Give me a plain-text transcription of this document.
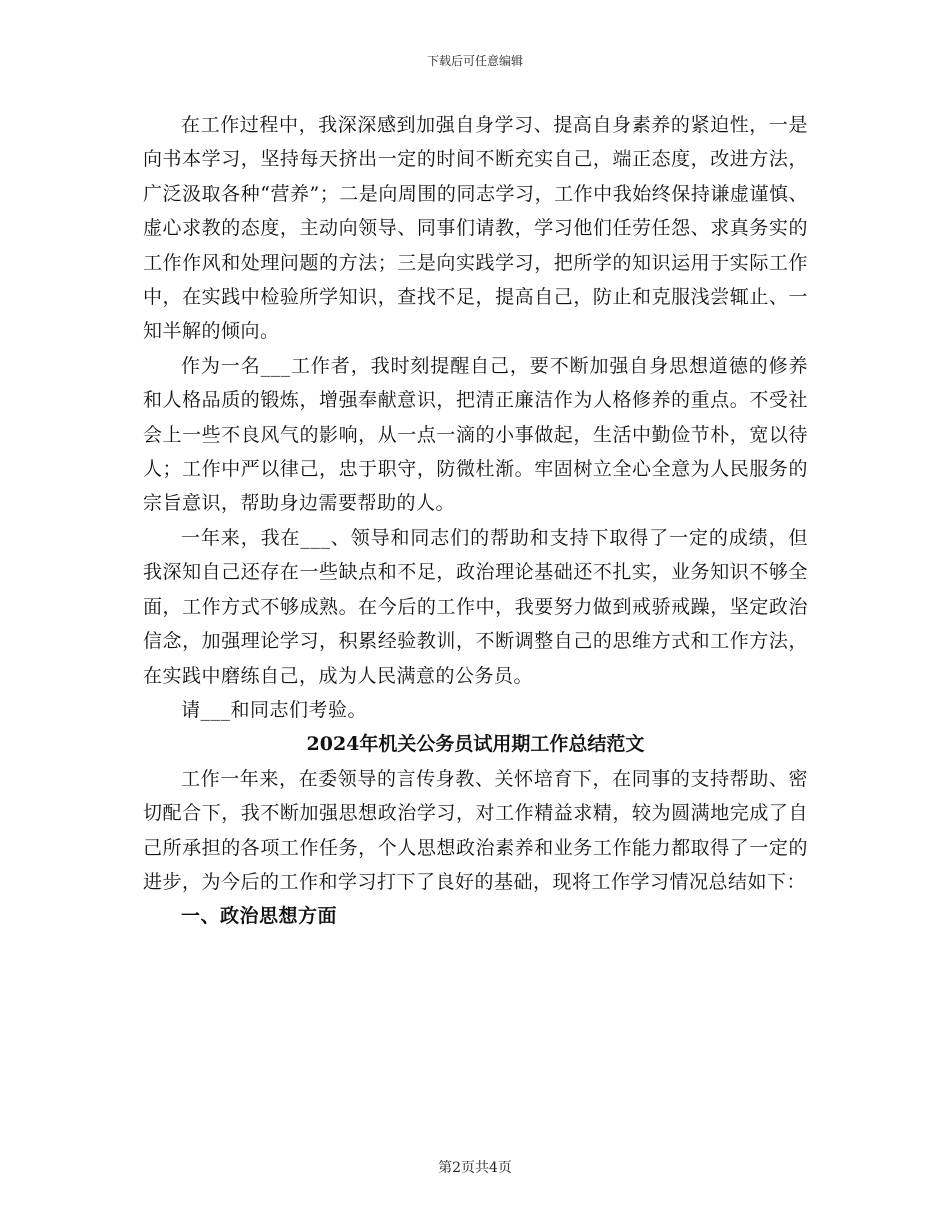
下载后可任意编辑

在工作过程中，我深深感到加强自身学习、提高自身素养的紧迫性，一是向书本学习，坚持每天挤出一定的时间不断充实自己，端正态度，改进方法，广泛汲取各种“营养”；二是向周围的同志学习，工作中我始终保持谦虚谨慎、虚心求教的态度，主动向领导、同事们请教，学习他们任劳任怨、求真务实的工作作风和处理问题的方法；三是向实践学习，把所学的知识运用于实际工作中，在实践中检验所学知识，查找不足，提高自己，防止和克服浅尝辄止、一知半解的倾向。

作为一名___工作者，我时刻提醒自己，要不断加强自身思想道德的修养和人格品质的锻炼，增强奉献意识，把清正廉洁作为人格修养的重点。不受社会上一些不良风气的影响，从一点一滴的小事做起，生活中勤俭节朴，宽以待人；工作中严以律己，忠于职守，防微杜渐。牢固树立全心全意为人民服务的宗旨意识，帮助身边需要帮助的人。

一年来，我在___、领导和同志们的帮助和支持下取得了一定的成绩，但我深知自己还存在一些缺点和不足，政治理论基础还不扎实，业务知识不够全面，工作方式不够成熟。在今后的工作中，我要努力做到戒骄戒躁，坚定政治信念，加强理论学习，积累经验教训，不断调整自己的思维方式和工作方法，在实践中磨练自己，成为人民满意的公务员。

请___和同志们考验。

2024年机关公务员试用期工作总结范文

工作一年来，在委领导的言传身教、关怀培育下，在同事的支持帮助、密切配合下，我不断加强思想政治学习，对工作精益求精，较为圆满地完成了自己所承担的各项工作任务，个人思想政治素养和业务工作能力都取得了一定的进步，为今后的工作和学习打下了良好的基础，现将工作学习情况总结如下：

一、政治思想方面
第2页共4页
